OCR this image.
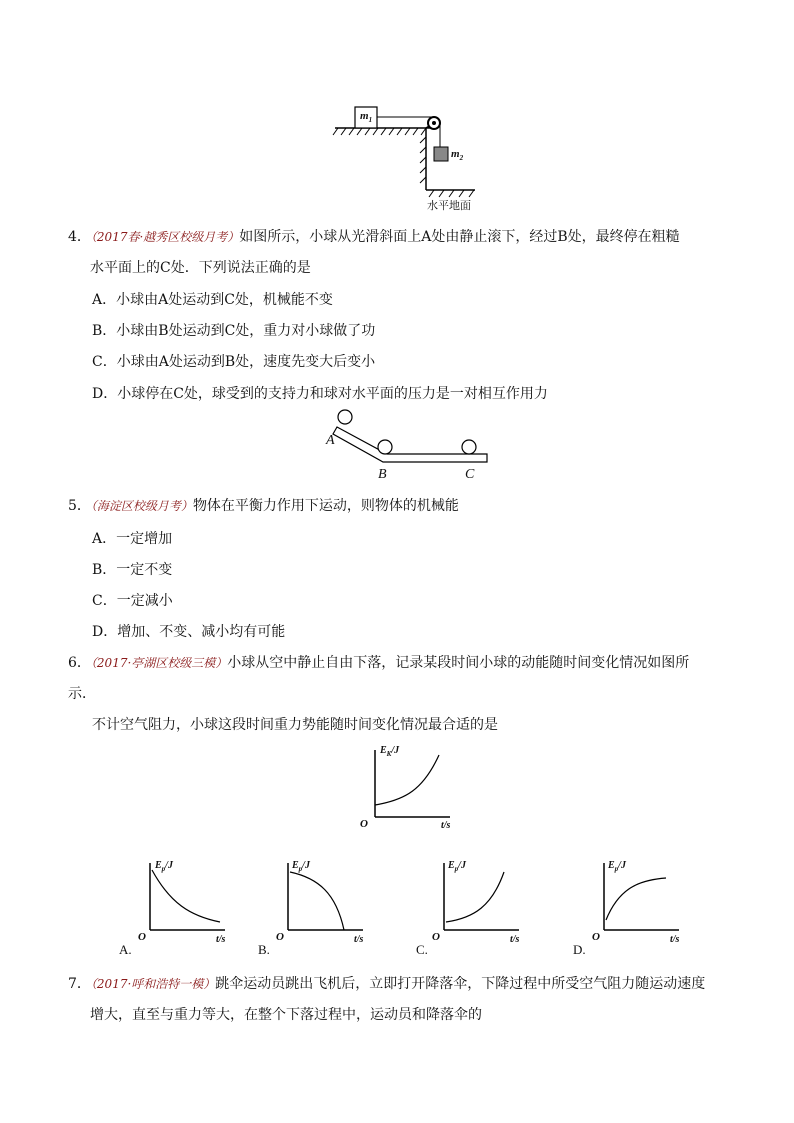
$m_1$
$m_2$
水平地面
4．（2017春·越秀区校级月考）如图所示，小球从光滑斜面上A处由静止滚下，经过B处，最终停在粗糙
水平面上的C处．下列说法正确的是
A．小球由A处运动到C处，机械能不变
B．小球由B处运动到C处，重力对小球做了功
C．小球由A处运动到B处，速度先变大后变小
D．小球停在C处，球受到的支持力和球对水平面的压力是一对相互作用力
A
B	C
5．（海淀区校级月考）物体在平衡力作用下运动，则物体的机械能
A．一定增加
B．一定不变
C．一定减小
D．增加、不变、减小均有可能
6．（2017·亭湖区校级三模）小球从空中静止自由下落，记录某段时间小球的动能随时间变化情况如图所
示．
不计空气阻力，小球这段时间重力势能随时间变化情况最合适的是
$E_K/J$
O	t/s
$E_p/J$
O	t/s
A.
$E_p/J$
O	t/s
B.
$E_p/J$
O	t/s
C.
$E_p/J$
O	t/s
D.
7．（2017·呼和浩特一模）跳伞运动员跳出飞机后，立即打开降落伞，下降过程中所受空气阻力随运动速度
增大，直至与重力等大，在整个下落过程中，运动员和降落伞的
